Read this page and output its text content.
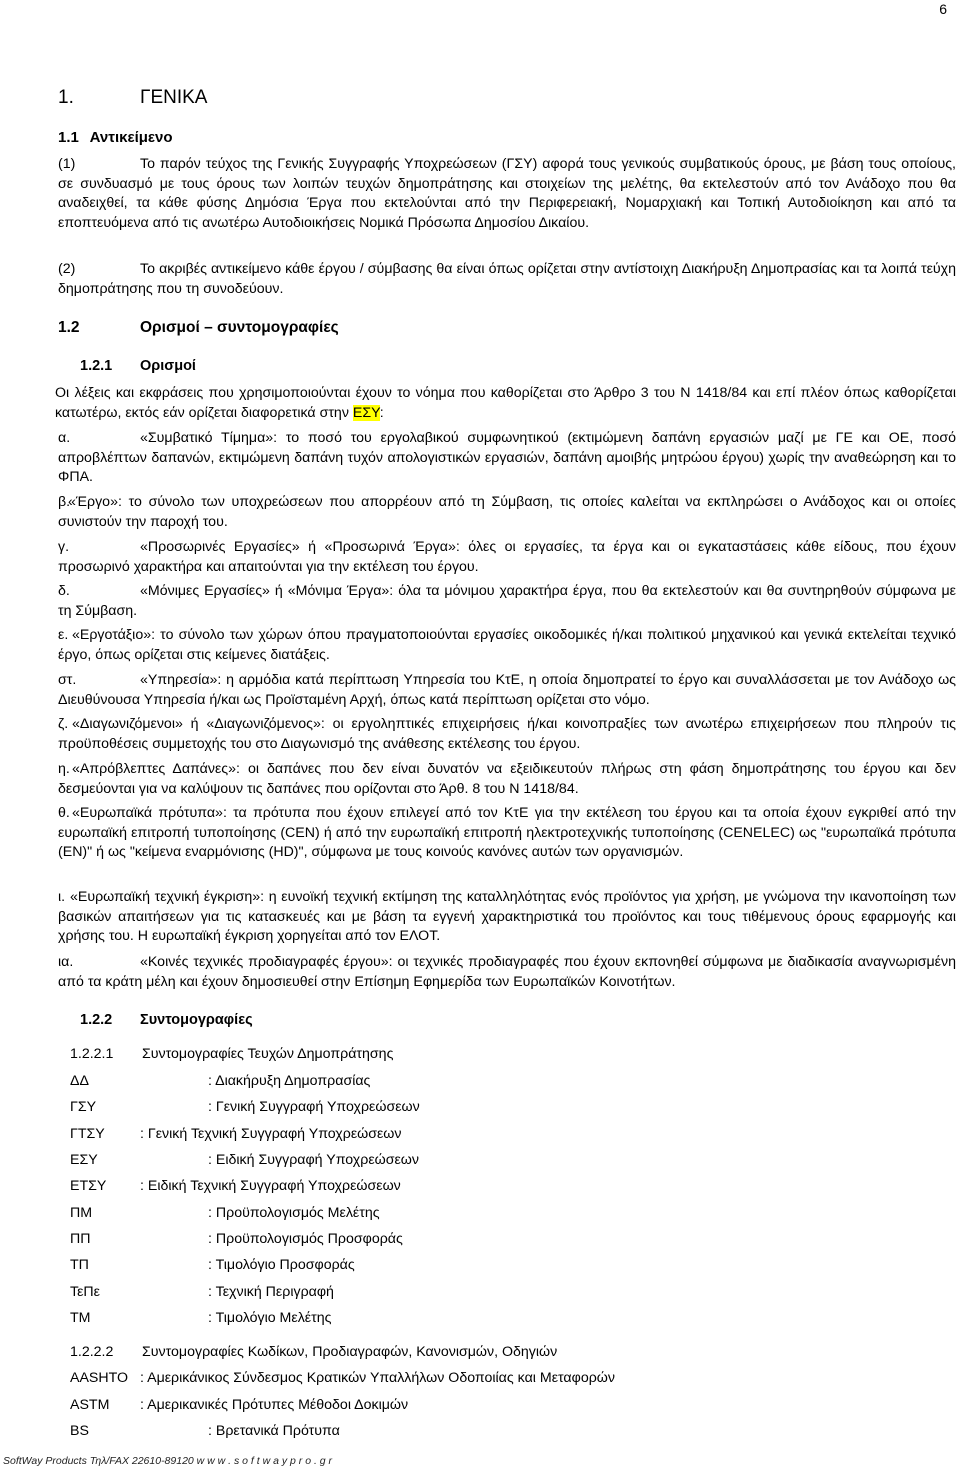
6
1.	ΓΕΝΙΚΑ
1.1 Αντικείμενο
(1)	Το παρόν τεύχος της Γενικής Συγγραφής Υποχρεώσεων (ΓΣΥ) αφορά τους γενικούς συμβατικούς όρους, με βάση τους οποίους, σε συνδυασμό με τους όρους των λοιπών τευχών δημοπράτησης και στοιχείων της μελέτης, θα εκτελεστούν από τον Ανάδοχο που θα αναδειχθεί, τα κάθε φύσης Δημόσια Έργα που εκτελούνται από την Περιφερειακή, Νομαρχιακή και Τοπική Αυτοδιοίκηση και από τα εποπτευόμενα από τις ανωτέρω Αυτοδιοικήσεις Νομικά Πρόσωπα Δημοσίου Δικαίου.
(2)	Το ακριβές αντικείμενο κάθε έργου / σύμβασης θα είναι όπως ορίζεται στην αντίστοιχη Διακήρυξη Δημοπρασίας και τα λοιπά τεύχη δημοπράτησης που τη συνοδεύουν.
1.2	Ορισμοί – συντομογραφίες
1.2.1 Ορισμοί
Οι λέξεις και εκφράσεις που χρησιμοποιούνται έχουν το νόημα που καθορίζεται στο Άρθρο 3 του Ν 1418/84 και επί πλέον όπως καθορίζεται κατωτέρω, εκτός εάν ορίζεται διαφορετικά στην ΕΣΥ:
α.	«Συμβατικό Τίμημα»: το ποσό του εργολαβικού συμφωνητικού (εκτιμώμενη δαπάνη εργασιών μαζί με ΓΕ και ΟΕ, ποσό απροβλέπτων δαπανών, εκτιμώμενη δαπάνη τυχόν απολογιστικών εργασιών, δαπάνη αμοιβής μητρώου έργου) χωρίς την αναθεώρηση και το ΦΠΑ.
β.«Έργο»: το σύνολο των υποχρεώσεων που απορρέουν από τη Σύμβαση, τις οποίες καλείται να εκπληρώσει ο Ανάδοχος και οι οποίες συνιστούν την παροχή του.
γ.	«Προσωρινές Εργασίες» ή «Προσωρινά Έργα»: όλες οι εργασίες, τα έργα και οι εγκαταστάσεις κάθε είδους, που έχουν προσωρινό χαρακτήρα και απαιτούνται για την εκτέλεση του έργου.
δ.	«Μόνιμες Εργασίες» ή «Μόνιμα Έργα»: όλα τα μόνιμου χαρακτήρα έργα, που θα εκτελεστούν και θα συντηρηθούν σύμφωνα με τη Σύμβαση.
ε. «Εργοτάξιο»: το σύνολο των χώρων όπου πραγματοποιούνται εργασίες οικοδομικές ή/και πολιτικού μηχανικού και γενικά εκτελείται τεχνικό έργο, όπως ορίζεται στις κείμενες διατάξεις.
στ.	«Υπηρεσία»: η αρμόδια κατά περίπτωση Υπηρεσία του ΚτΕ, η οποία δημοπρατεί το έργο και συναλλάσσεται με τον Ανάδοχο ως Διευθύνουσα Υπηρεσία ή/και ως Προϊσταμένη Αρχή, όπως κατά περίπτωση ορίζεται στο νόμο.
ζ. «Διαγωνιζόμενοι» ή «Διαγωνιζόμενος»: οι εργοληπτικές επιχειρήσεις ή/και κοινοπραξίες των ανωτέρω επιχειρήσεων που πληρούν τις προϋποθέσεις συμμετοχής του στο Διαγωνισμό της ανάθεσης εκτέλεσης του έργου.
η. «Απρόβλεπτες Δαπάνες»: οι δαπάνες που δεν είναι δυνατόν να εξειδικευτούν πλήρως στη φάση δημοπράτησης του έργου και δεν δεσμεύονται για να καλύψουν τις δαπάνες που ορίζονται στο Άρθ. 8 του Ν 1418/84.
θ. «Ευρωπαϊκά πρότυπα»: τα πρότυπα που έχουν επιλεγεί από τον ΚτΕ για την εκτέλεση του έργου και τα οποία έχουν εγκριθεί από την ευρωπαϊκή επιτροπή τυποποίησης (CEN) ή από την ευρωπαϊκή επιτροπή ηλεκτροτεχνικής τυποποίησης (CENELEC) ως "ευρωπαϊκά πρότυπα (EN)" ή ως "κείμενα εναρμόνισης (HD)", σύμφωνα με τους κοινούς κανόνες αυτών των οργανισμών.
ι. «Ευρωπαϊκή τεχνική έγκριση»: η ευνοϊκή τεχνική εκτίμηση της καταλληλότητας ενός προϊόντος για χρήση, με γνώμονα την ικανοποίηση των βασικών απαιτήσεων για τις κατασκευές και με βάση τα εγγενή χαρακτηριστικά του προϊόντος και τους τιθέμενους όρους εφαρμογής και χρήσης του. Η ευρωπαϊκή έγκριση χορηγείται από τον ΕΛΟΤ.
ια.	«Κοινές τεχνικές προδιαγραφές έργου»: οι τεχνικές προδιαγραφές που έχουν εκπονηθεί σύμφωνα με διαδικασία αναγνωρισμένη από τα κράτη μέλη και έχουν δημοσιευθεί στην Επίσημη Εφημερίδα των Ευρωπαϊκών Κοινοτήτων.
1.2.2 Συντομογραφίες
1.2.2.1 Συντομογραφίες Τευχών Δημοπράτησης
ΔΔ	: Διακήρυξη Δημοπρασίας
ΓΣΥ	: Γενική Συγγραφή Υποχρεώσεων
ΓΤΣΥ : Γενική Τεχνική Συγγραφή Υποχρεώσεων
ΕΣΥ	: Ειδική Συγγραφή Υποχρεώσεων
ΕΤΣΥ : Ειδική Τεχνική Συγγραφή Υποχρεώσεων
ΠΜ	: Προϋπολογισμός Μελέτης
ΠΠ	: Προϋπολογισμός Προσφοράς
ΤΠ	: Τιμολόγιο Προσφοράς
ΤεΠε	: Τεχνική Περιγραφή
ΤΜ	: Τιμολόγιο Μελέτης
1.2.2.2 Συντομογραφίες Κωδίκων, Προδιαγραφών, Κανονισμών, Οδηγιών
AASHTO : Αμερικάνικος Σύνδεσμος Κρατικών Υπαλλήλων Οδοποιίας και Μεταφορών
ASTM : Αμερικανικές Πρότυπες Μέθοδοι Δοκιμών
BS	: Βρετανικά Πρότυπα
SoftWay Products Τηλ/FAX 22610-89120 w w w . s o f t w a y p r o . g r
